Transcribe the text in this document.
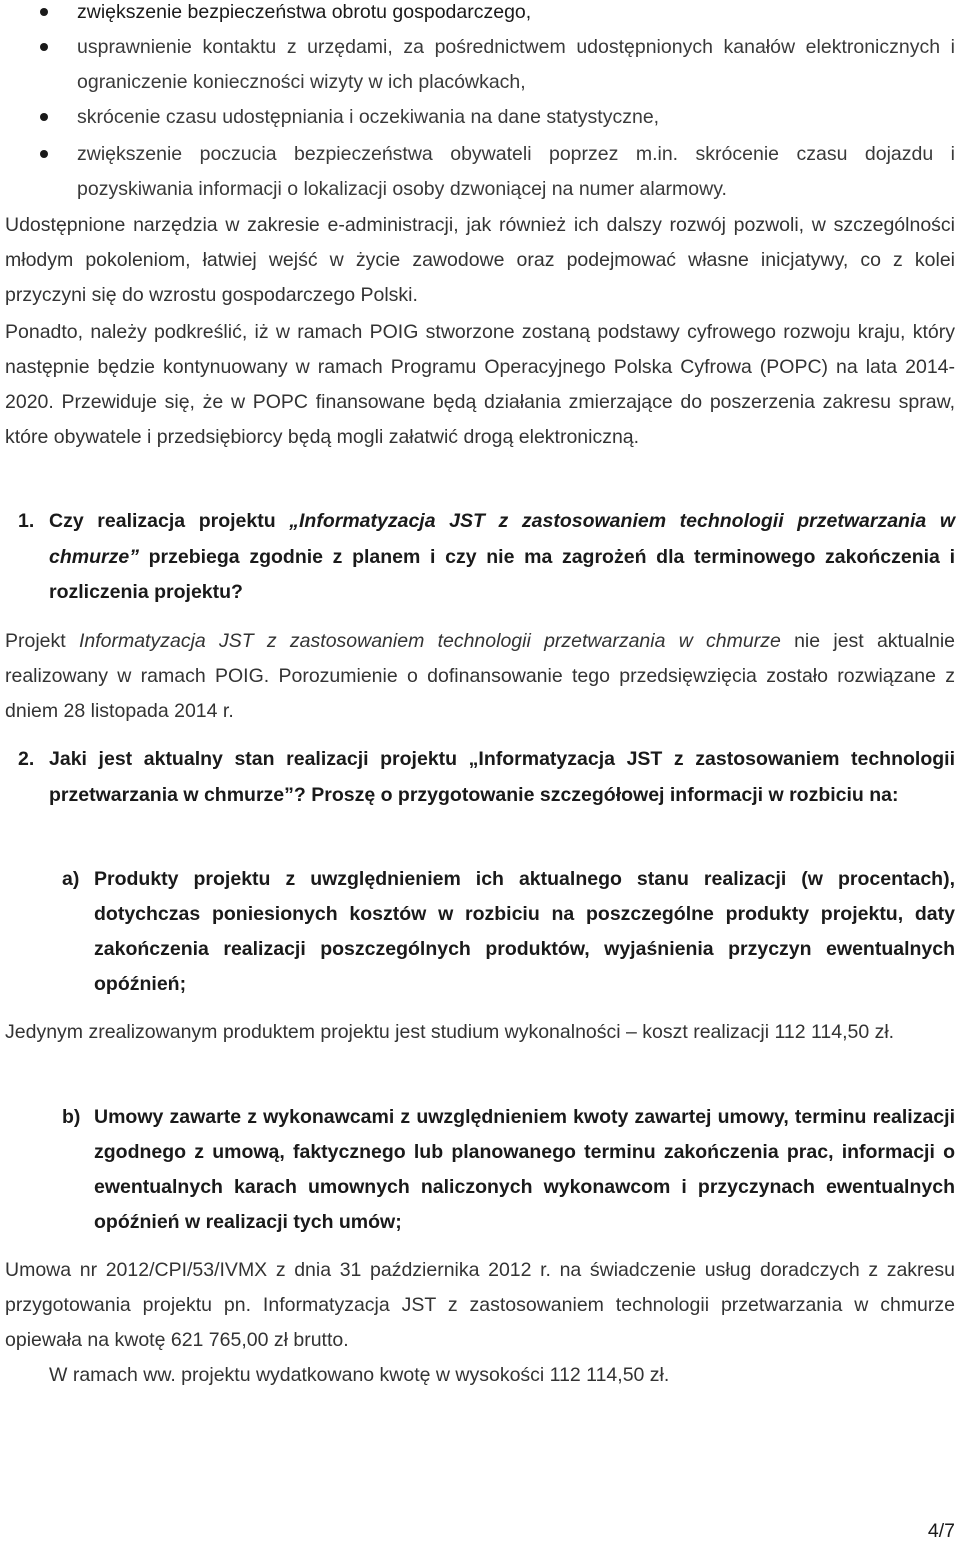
zwiększenie bezpieczeństwa obrotu gospodarczego,
usprawnienie kontaktu z urzędami, za pośrednictwem udostępnionych kanałów elektronicznych i ograniczenie konieczności wizyty w ich placówkach,
skrócenie czasu udostępniania i oczekiwania na dane statystyczne,
zwiększenie poczucia bezpieczeństwa obywateli poprzez m.in. skrócenie czasu dojazdu i pozyskiwania informacji o lokalizacji osoby dzwoniącej na numer alarmowy.

Udostępnione narzędzia w zakresie e-administracji, jak również ich dalszy rozwój pozwoli, w szczególności młodym pokoleniom, łatwiej wejść w życie zawodowe oraz podejmować własne inicjatywy, co z kolei przyczyni się do wzrostu gospodarczego Polski.

Ponadto, należy podkreślić, iż w ramach POIG stworzone zostaną podstawy cyfrowego rozwoju kraju, który następnie będzie kontynuowany w ramach Programu Operacyjnego Polska Cyfrowa (POPC) na lata 2014-2020. Przewiduje się, że w POPC finansowane będą działania zmierzające do poszerzenia zakresu spraw, które obywatele i przedsiębiorcy będą mogli załatwić drogą elektroniczną.

1. Czy realizacja projektu „Informatyzacja JST z zastosowaniem technologii przetwarzania w chmurze” przebiega zgodnie z planem i czy nie ma zagrożeń dla terminowego zakończenia i rozliczenia projektu?

Projekt Informatyzacja JST z zastosowaniem technologii przetwarzania w chmurze nie jest aktualnie realizowany w ramach POIG. Porozumienie o dofinansowanie tego przedsięwzięcia zostało rozwiązane z dniem 28 listopada 2014 r.

2. Jaki jest aktualny stan realizacji projektu „Informatyzacja JST z zastosowaniem technologii przetwarzania w chmurze”? Proszę o przygotowanie szczegółowej informacji w rozbiciu na:
a) Produkty projektu z uwzględnieniem ich aktualnego stanu realizacji (w procentach), dotychczas poniesionych kosztów w rozbiciu na poszczególne produkty projektu, daty zakończenia realizacji poszczególnych produktów, wyjaśnienia przyczyn ewentualnych opóźnień;

Jedynym zrealizowanym produktem projektu jest studium wykonalności – koszt realizacji 112 114,50 zł.

b) Umowy zawarte z wykonawcami z uwzględnieniem kwoty zawartej umowy, terminu realizacji zgodnego z umową, faktycznego lub planowanego terminu zakończenia prac, informacji o ewentualnych karach umownych naliczonych wykonawcom i przyczynach ewentualnych opóźnień w realizacji tych umów;

Umowa nr 2012/CPI/53/IVMX z dnia 31 października 2012 r. na świadczenie usług doradczych z zakresu przygotowania projektu pn. Informatyzacja JST z zastosowaniem technologii przetwarzania w chmurze opiewała na kwotę 621 765,00 zł brutto.

W ramach ww. projektu wydatkowano kwotę w wysokości 112 114,50 zł.

4/7
